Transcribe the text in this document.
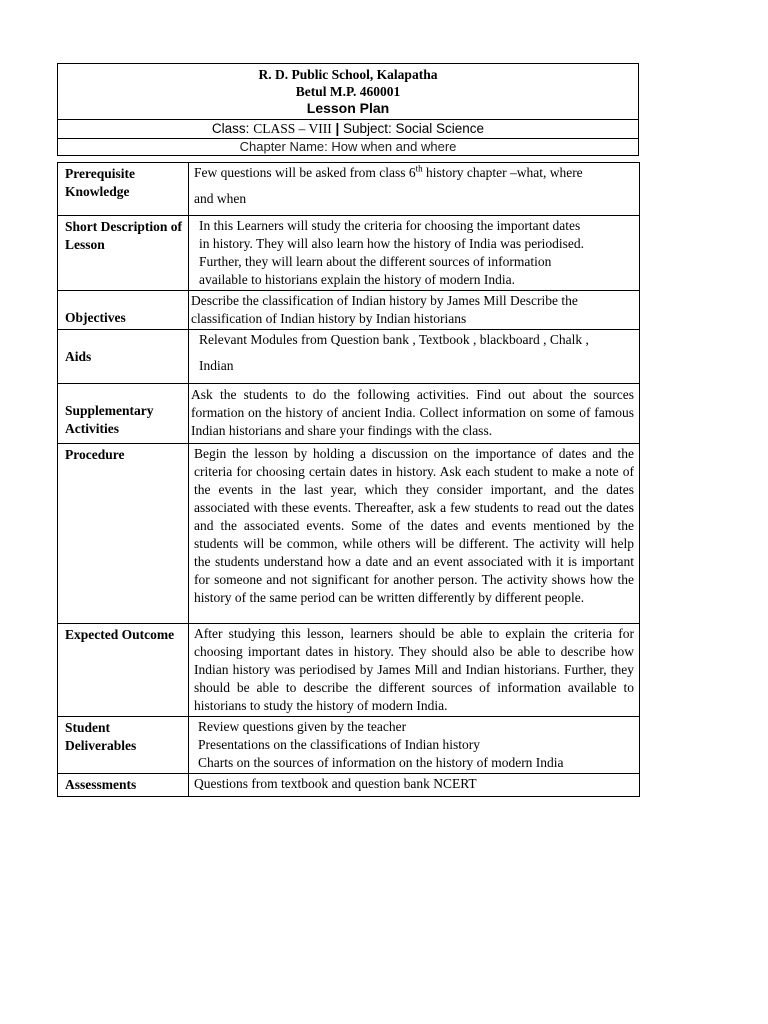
R. D. Public School, Kalapatha
Betul M.P. 460001
Lesson Plan
Class: CLASS – VIII | Subject: Social Science
Chapter Name: How when and where
Prerequisite Knowledge	Few questions will be asked from class 6th history chapter –what, where
and when

Short Description of Lesson	In this Learners will study the criteria for choosing the important dates
in history. They will also learn how the history of India was periodised.
Further, they will learn about the different sources of information
available to historians explain the history of modern India.

Objectives	Describe the classification of Indian history by James Mill Describe the classification of Indian history by Indian historians
Aids	Relevant Modules from Question bank , Textbook , blackboard , Chalk ,
Indian

Supplementary Activities	Ask the students to do the following activities. Find out about the sources formation on the history of ancient India. Collect information on some of famous Indian historians and share your findings with the class.
Procedure	Begin the lesson by holding a discussion on the importance of dates and the criteria for choosing certain dates in history. Ask each student to make a note of the events in the last year, which they consider important, and the dates associated with these events. Thereafter, ask a few students to read out the dates and the associated events. Some of the dates and events mentioned by the students will be common, while others will be different. The activity will help the students understand how a date and an event associated with it is important for someone and not significant for another person. The activity shows how the history of the same period can be written differently by different people.
Expected Outcome	After studying this lesson, learners should be able to explain the criteria for choosing important dates in history. They should also be able to describe how Indian history was periodised by James Mill and Indian historians. Further, they should be able to describe the different sources of information available to historians to study the history of modern India.
Student Deliverables	Review questions given by the teacher
Presentations on the classifications of Indian history
Charts on the sources of information on the history of modern India

Assessments	Questions from textbook and question bank NCERT
